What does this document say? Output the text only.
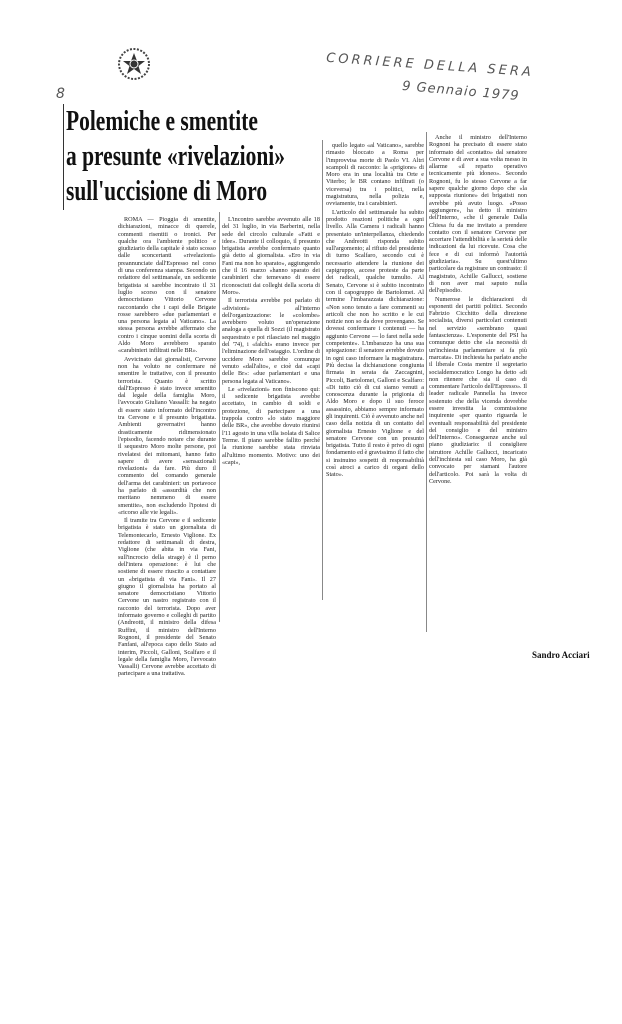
CORRIERE DELLA SERA
9 Gennaio 1979
8
Polemiche e smentite
a presunte «rivelazioni»
sull'uccisione di Moro

ROMA — Pioggia di smentite, dichiarazioni, minacce di querele, commenti risentiti o ironici. Per qualche ora l'ambiente politico e giudiziario della capitale è stato scosso dalle sconcertanti «rivelazioni» preannunciate dall'Espresso nel corso di una conferenza stampa. Secondo un redattore del settimanale, un sedicente brigatista si sarebbe incontrato il 31 luglio scorso con il senatore democristiano Vittorio Cervone raccontando che i capi delle Brigate rosse sarebbero «due parlamentari e una persona legata al Vaticano». La stessa persona avrebbe affermato che contro i cinque uomini della scorta di Aldo Moro avrebbero sparato «carabinieri infiltrati nelle BR».

Avvicinato dai giornalisti, Cervone non ha voluto ne confermare né smentire le trattative, con il presunto terrorista. Quanto è scritto dall'Espresso è stato invece smentito dal legale della famiglia Moro, l'avvocato Giuliano Vassalli: ha negato di essere stato informato dell'incontro tra Cervone e il presunto brigatista. Ambienti governativi hanno drasticamente ridimensionato l'episodio, facendo notare che durante il sequestro Moro molte persone, poi rivelatesi dei mitomani, hanno fatto sapere di avere «sensazionali rivelazioni» da fare. Più duro il commento del comando generale dell'arma dei carabinieri: un portavoce ha parlato di «assurdità che non meritano nemmeno di essere smentite», non escludendo l'ipotesi di «ricorso alle vie legali».

Il tramite tra Cervone e il sedicente brigatista è stato un giornalista di Telemontecarlo, Ernesto Viglione. Ex redattore di settimanali di destra, Viglione (che abita in via Fani, sull'incrocio della strage) è il perno dell'intera operazione: è lui che sostiene di essere riuscito a contattare un «brigatista di via Fani». Il 27 giugno il giornalista ha portato al senatore democristiano Vittorio Cervone un nastro registrato con il racconto del terrorista. Dopo aver informato governo e colleghi di partito (Andreotti, il ministro della difesa Ruffini, il ministro dell'Interno Rognoni, il presidente del Senato Fanfani, all'epoca capo dello Stato ad interim, Piccoli, Galloni, Scalfaro e il legale della famiglia Moro, l'avvocato Vassalli) Cervone avrebbe accettato di partecipare a una trattativa.

L'incontro sarebbe avvenuto alle 18 del 31 luglio, in via Barberini, nella sede del circolo culturale «Fatti e idee». Durante il colloquio, il presunto brigatista avrebbe confermato quanto già detto al giornalista. «Ero in via Fani ma non ho sparato», aggiungendo che il 16 marzo «hanno sparato dei carabinieri che temevano di essere riconosciuti dai colleghi della scorta di Moro».

Il terrorista avrebbe poi parlato di «divisioni» all'interno dell'organizzazione: le «colombe» avrebbero voluto un'operazione analoga a quella di Sozzi (il magistrato sequestrato e poi rilasciato nel maggio del '74), i «falchi» erano invece per l'eliminazione dell'ostaggio. L'ordine di uccidere Moro sarebbe comunque venuto «dall'alto», e cioè dai «capi delle Br»: «due parlamentari e una persona legata al Vaticano».

Le «rivelazioni» non finiscono qui: il sedicente brigatista avrebbe accettato, in cambio di soldi e protezione, di partecipare a una trappola contro «lo stato maggiore delle BR», che avrebbe dovuto riunirsi l'11 agosto in una villa isolata di Salice Terme. Il piano sarebbe fallito perché la riunione sarebbe stata rinviata all'ultimo momento. Motivo: uno dei «capi»,

quello legato «al Vaticano», sarebbe rimasto bloccato a Roma per l'improvvisa morte di Paolo VI. Altri scampoli di racconto: la «prigione» di Moro era in una località tra Orte e Viterbo; le BR contano infiltrati (o viceversa) tra i politici, nella magistratura, nella polizia e, ovviamente, tra i carabinieri.

L'articolo del settimanale ha subito prodotto reazioni politiche a ogni livello. Alla Camera i radicali hanno presentato un'interpellanza, chiedendo che Andreotti risponda subito sull'argomento; al rifiuto del presidente di turno Scalfaro, secondo cui è necessario attendere la riunione dei capigruppo, accese proteste da parte dei radicali, qualche tumulto. Al Senato, Cervone si è subito incontrato con il capogruppo de Bartolomei. Al termine l'imbarazzata dichiarazione: «Non sono tenuto a fare commenti su articoli che non ho scritto e le cui notizie non so da dove provengano. Se dovessi confermare i contenuti — ha aggiunto Cervone — lo farei nella sede competente». L'imbarazzo ha una sua spiegazione: il senatore avrebbe dovuto in ogni caso informare la magistratura. Più decisa la dichiarazione congiunta firmata in serata da Zaccagnini, Piccoli, Bartolomei, Galloni e Scalfaro: «Di tutto ciò di cui siamo venuti a conoscenza durante la prigionia di Aldo Moro e dopo il suo feroce assassinio, abbiamo sempre informato gli inquirenti. Ciò è avvenuto anche nel caso della notizia di un contatto del giornalista Ernesto Viglione e del senatore Cervone con un presunto brigatista. Tutto il resto è privo di ogni fondamento ed è gravissimo il fatto che si insinuino sospetti di responsabilità così atroci a carico di organi dello Stato».

Anche il ministro dell'Interno Rognoni ha precisato di essere stato informato del «contatto» dal senatore Cervone e di aver a sua volta messo in allarme «il reparto operativo tecnicamente più idoneo». Secondo Rognoni, fu lo stesso Cervone a far sapere qualche giorno dopo che «la supposta riunione» dei brigatisti non avrebbe più avuto luogo. «Posso aggiungere», ha detto il ministro dell'Interno, «che il generale Dalla Chiesa fu da me invitato a prendere contatto con il senatore Cervone per accertare l'attendibilità e la serietà delle indicazioni da lui ricevute. Cosa che fece e di cui informò l'autorità giudiziaria». Su quest'ultimo particolare da registrare un contrasto: il magistrato, Achille Gallucci, sostiene di non aver mai saputo nulla dell'episodio.

Numerose le dichiarazioni di esponenti dei partiti politici. Secondo Fabrizio Cicchitto della direzione socialista, diversi particolari contenuti nel servizio «sembrano quasi fantascienza». L'esponente del PSI ha comunque detto che «la necessità di un'inchiesta parlamentare si fa più marcata». Di inchiesta ha parlato anche il liberale Costa mentre il segretario socialdemocratico Longo ha detto «di non ritenere che sia il caso di commentare l'articolo dell'Espresso». Il leader radicale Pannella ha invece sostenuto che della vicenda dovrebbe essere investita la commissione inquirente «per quanto riguarda le eventuali responsabilità del presidente del consiglio e del ministro dell'Interno». Conseguenze anche sul piano giudiziario: il consigliere istruttore Achille Gallucci, incaricato dell'inchiesta sul caso Moro, ha già convocato per stamani l'autore dell'articolo. Poi sarà la volta di Cervone.

Sandro Acciari
